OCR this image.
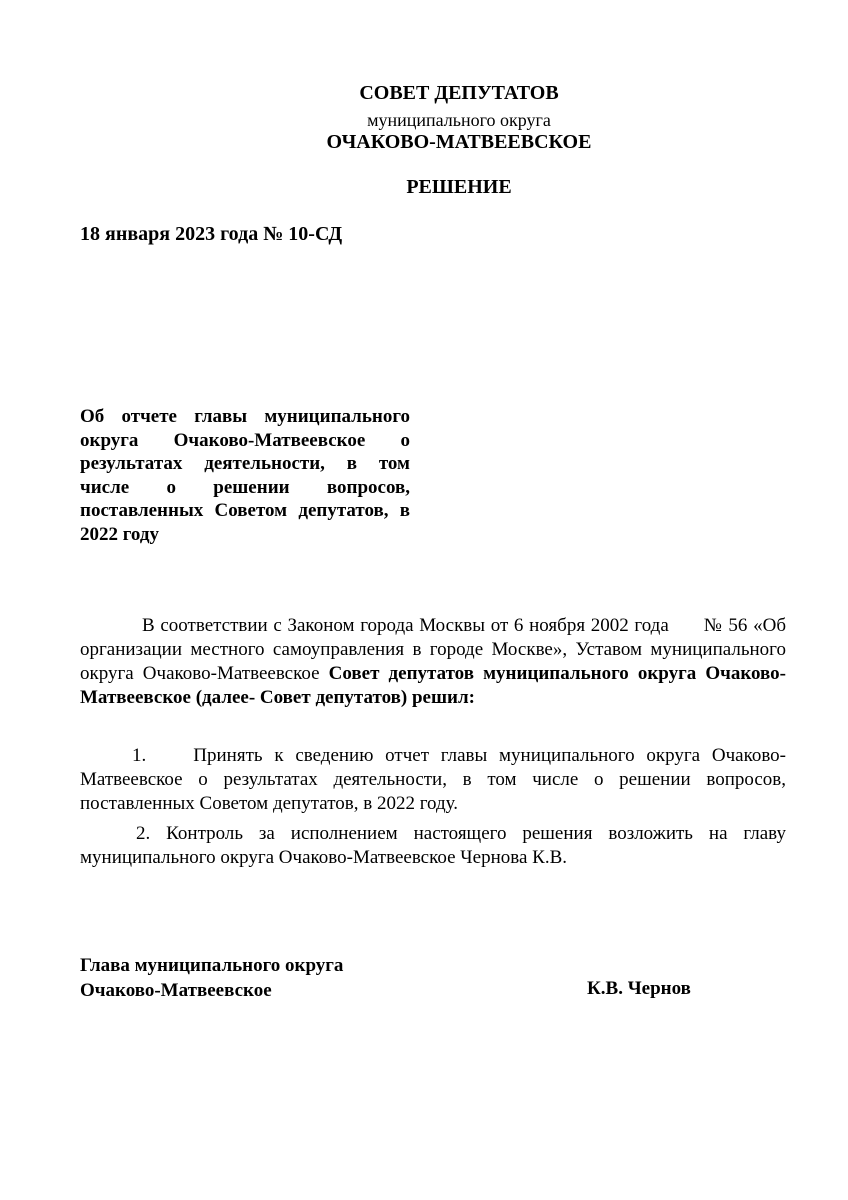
СОВЕТ ДЕПУТАТОВ
муниципального округа
ОЧАКОВО-МАТВЕЕВСКОЕ
РЕШЕНИЕ
18 января 2023 года № 10-СД
Об отчете главы муниципального округа Очаково-Матвеевское о результатах деятельности, в том числе о решении вопросов, поставленных Советом депутатов, в 2022 году
В соответствии с Законом города Москвы от 6 ноября 2002 года № 56 «Об организации местного самоуправления в городе Москве», Уставом муниципального округа Очаково-Матвеевское Совет депутатов муниципального округа Очаково-Матвеевское (далее- Совет депутатов) решил:
1. Принять к сведению отчет главы муниципального округа Очаково-Матвеевское о результатах деятельности, в том числе о решении вопросов, поставленных Советом депутатов, в 2022 году.
2. Контроль за исполнением настоящего решения возложить на главу муниципального округа Очаково-Матвеевское Чернова К.В.
Глава муниципального округа
Очаково-Матвеевское	К.В. Чернов
